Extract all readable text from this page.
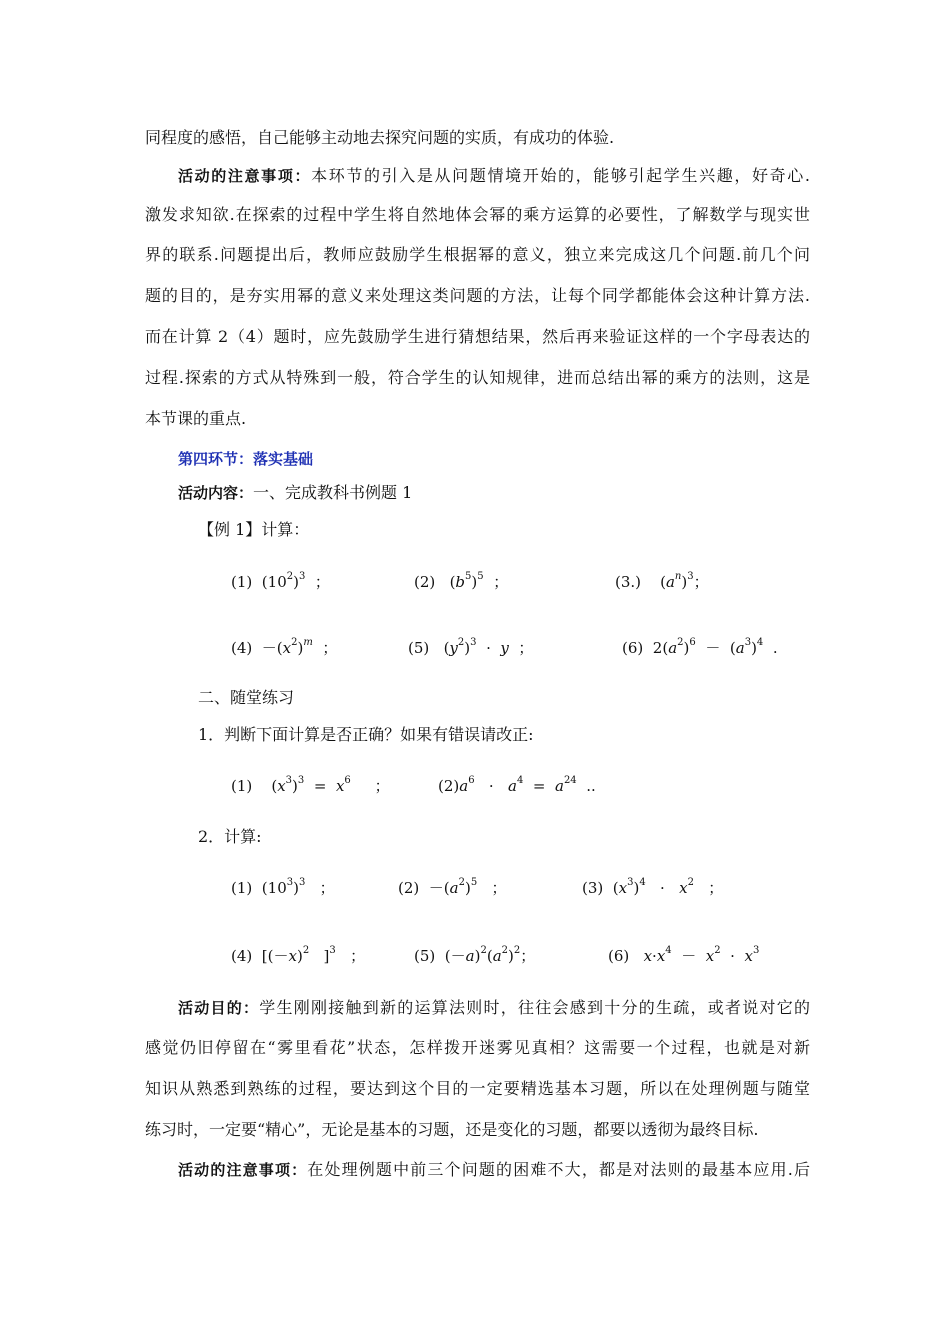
同程度的感悟，自己能够主动地去探究问题的实质，有成功的体验.

活动的注意事项：本环节的引入是从问题情境开始的，能够引起学生兴趣，好奇心.

激发求知欲.在探索的过程中学生将自然地体会幂的乘方运算的必要性，了解数学与现实世

界的联系.问题提出后，教师应鼓励学生根据幂的意义，独立来完成这几个问题.前几个问

题的目的，是夯实用幂的意义来处理这类问题的方法，让每个同学都能体会这种计算方法.

而在计算 2（4）题时，应先鼓励学生进行猜想结果，然后再来验证这样的一个字母表达的

过程.探索的方式从特殊到一般，符合学生的认知规律，进而总结出幂的乘方的法则，这是

本节课的重点.

第四环节：落实基础

活动内容：一、完成教科书例题 1

【例 1】计算：

(1) $(10^2)^3$ ；	(2) $(b^5)^5$ ；	(3.) $(a^n)^3$；
$(4) -(x^2)^m$ ；	(5) $(y^2)^3 \cdot y$ ；	(6) $2(a^2)^6 - (a^3)^4$ .

二、随堂练习

1．判断下面计算是否正确？如果有错误请改正:

(1) $(x^3)^3 = x^6$ ；	$(2)a^6 \cdot a^4 = a^{24}$ ..

2．计算:

(1) $(10^3)^3$ ；	$(2) -(a^2)^5$ ；	(3) $(x^3)^4 \cdot x^2$ ；
(4) [$(-x)^2$ ]$^3$ ；	(5) $(-a)^2(a^2)^2$；	(6) $x\cdot x^4 - x^2 \cdot x^3$
活动目的：学生刚刚接触到新的运算法则时，往往会感到十分的生疏，或者说对它的

感觉仍旧停留在“雾里看花”状态，怎样拨开迷雾见真相？这需要一个过程，也就是对新

知识从熟悉到熟练的过程，要达到这个目的一定要精选基本习题，所以在处理例题与随堂

练习时，一定要“精心”，无论是基本的习题，还是变化的习题，都要以透彻为最终目标.

活动的注意事项：在处理例题中前三个问题的困难不大，都是对法则的最基本应用.后
